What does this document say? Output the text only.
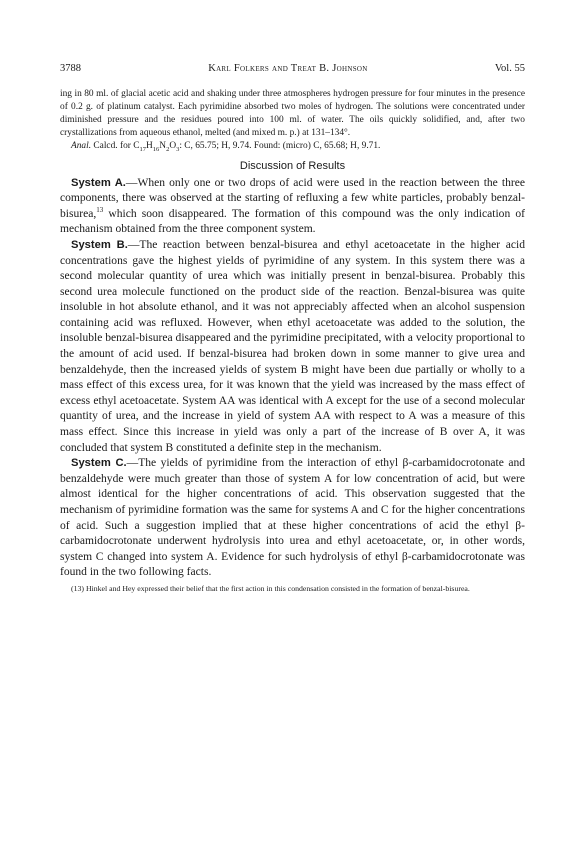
3788	Karl Folkers and Treat B. Johnson	Vol. 55

ing in 80 ml. of glacial acetic acid and shaking under three atmospheres hydrogen pressure for four minutes in the presence of 0.2 g. of platinum catalyst. Each pyrimidine absorbed two moles of hydrogen. The solutions were concentrated under diminished pressure and the residues poured into 100 ml. of water. The oils quickly solidified, and, after two crystallizations from aqueous ethanol, melted (and mixed m. p.) at 131–134°.

Anal. Calcd. for $C_{17}H_{16}N_2O_3$: C, 65.75; H, 9.74. Found: (micro) C, 65.68; H, 9.71.

Discussion of Results

System A.—When only one or two drops of acid were used in the reaction between the three components, there was observed at the starting of refluxing a few white particles, probably benzal-bisurea,$^{13}$ which soon disappeared. The formation of this compound was the only indication of mechanism obtained from the three component system.

System B.—The reaction between benzal-bisurea and ethyl acetoacetate in the higher acid concentrations gave the highest yields of pyrimidine of any system. In this system there was a second molecular quantity of urea which was initially present in benzal-bisurea. Probably this second urea molecule functioned on the product side of the reaction. Benzal-bisurea was quite insoluble in hot absolute ethanol, and it was not appreciably affected when an alcohol suspension containing acid was refluxed. However, when ethyl acetoacetate was added to the solution, the insoluble benzal-bisurea disappeared and the pyrimidine precipitated, with a velocity proportional to the amount of acid used. If benzal-bisurea had broken down in some manner to give urea and benzaldehyde, then the increased yields of system B might have been due partially or wholly to a mass effect of this excess urea, for it was known that the yield was increased by the mass effect of excess ethyl acetoacetate. System AA was identical with A except for the use of a second molecular quantity of urea, and the increase in yield of system AA with respect to A was a measure of this mass effect. Since this increase in yield was only a part of the increase of B over A, it was concluded that system B constituted a definite step in the mechanism.

System C.—The yields of pyrimidine from the interaction of ethyl β-carbamidocrotonate and benzaldehyde were much greater than those of system A for low concentration of acid, but were almost identical for the higher concentrations of acid. This observation suggested that the mechanism of pyrimidine formation was the same for systems A and C for the higher concentrations of acid. Such a suggestion implied that at these higher concentrations of acid the ethyl β-carbamidocrotonate underwent hydrolysis into urea and ethyl acetoacetate, or, in other words, system C changed into system A. Evidence for such hydrolysis of ethyl β-carbamidocrotonate was found in the two following facts.

(13) Hinkel and Hey expressed their belief that the first action in this condensation consisted in the formation of benzal-bisurea.
